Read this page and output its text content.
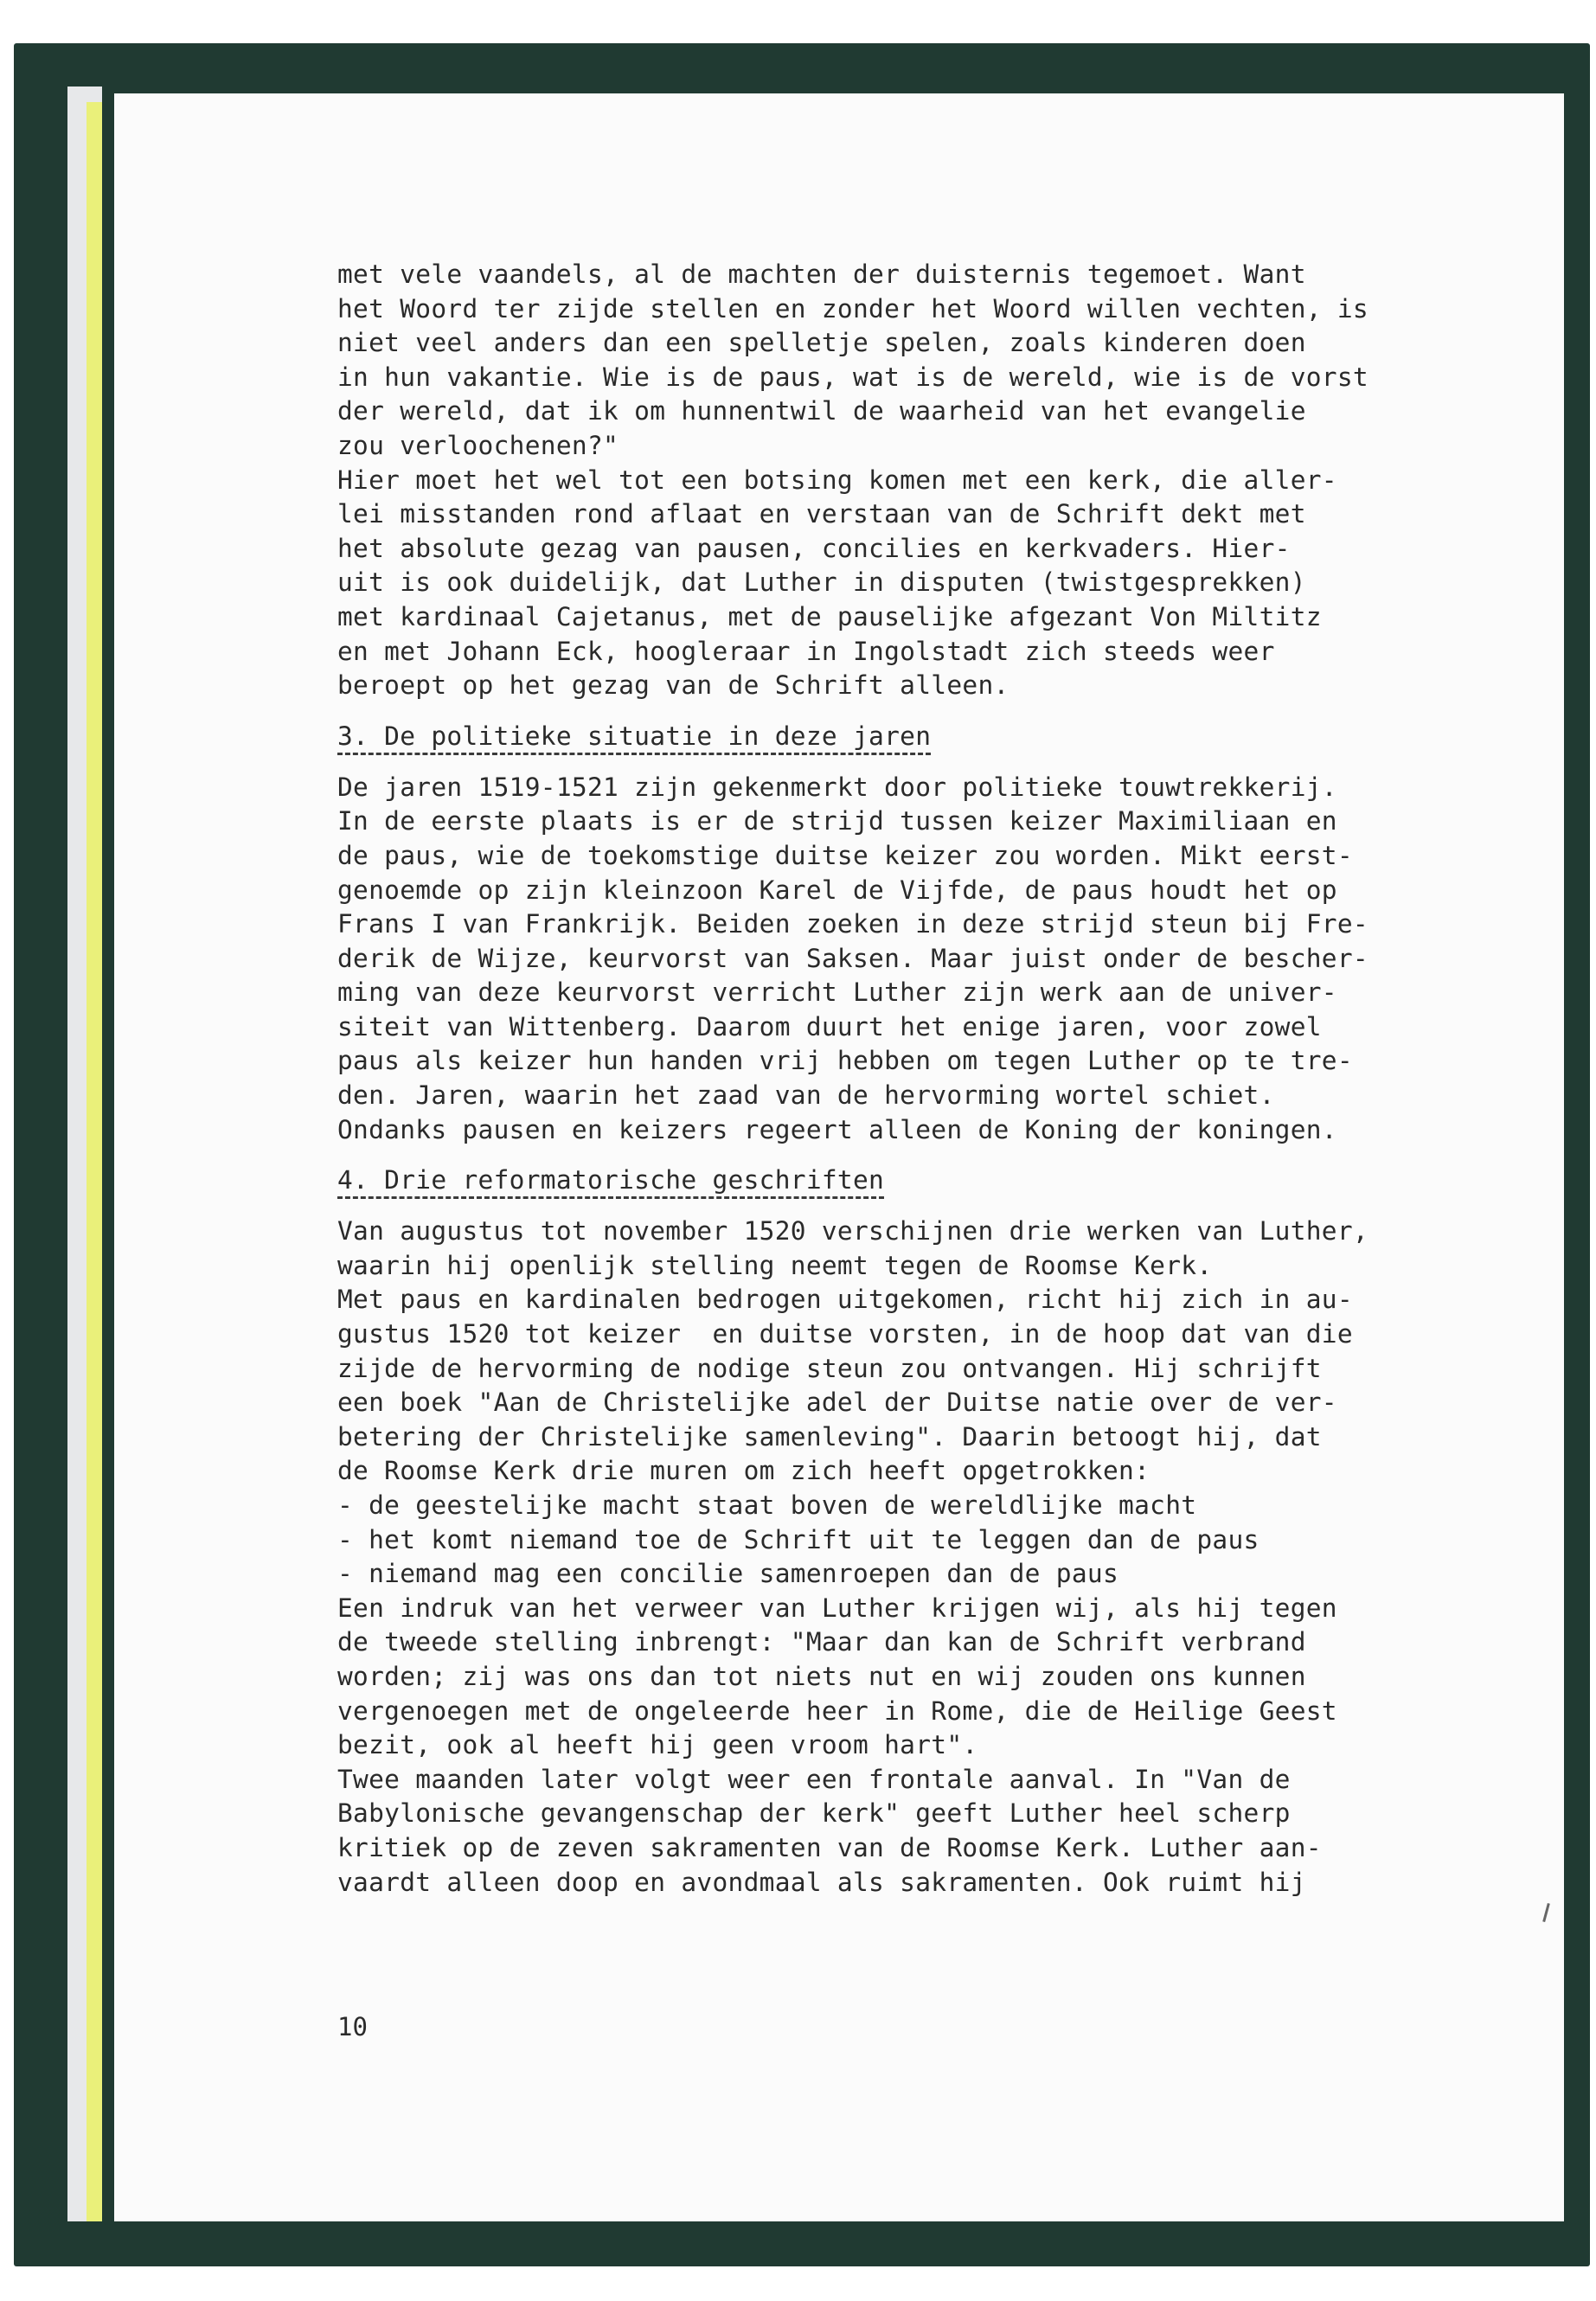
met vele vaandels, al de machten der duisternis tegemoet. Want
het Woord ter zijde stellen en zonder het Woord willen vechten, is
niet veel anders dan een spelletje spelen, zoals kinderen doen
in hun vakantie. Wie is de paus, wat is de wereld, wie is de vorst
der wereld, dat ik om hunnentwil de waarheid van het evangelie
zou verloochenen?"
Hier moet het wel tot een botsing komen met een kerk, die aller-
lei misstanden rond aflaat en verstaan van de Schrift dekt met
het absolute gezag van pausen, concilies en kerkvaders. Hier-
uit is ook duidelijk, dat Luther in disputen (twistgesprekken)
met kardinaal Cajetanus, met de pauselijke afgezant Von Miltitz
en met Johann Eck, hoogleraar in Ingolstadt zich steeds weer
beroept op het gezag van de Schrift alleen.
3. De politieke situatie in deze jaren
De jaren 1519-1521 zijn gekenmerkt door politieke touwtrekkerij.
In de eerste plaats is er de strijd tussen keizer Maximiliaan en
de paus, wie de toekomstige duitse keizer zou worden. Mikt eerst-
genoemde op zijn kleinzoon Karel de Vijfde, de paus houdt het op
Frans I van Frankrijk. Beiden zoeken in deze strijd steun bij Fre-
derik de Wijze, keurvorst van Saksen. Maar juist onder de bescher-
ming van deze keurvorst verricht Luther zijn werk aan de univer-
siteit van Wittenberg. Daarom duurt het enige jaren, voor zowel
paus als keizer hun handen vrij hebben om tegen Luther op te tre-
den. Jaren, waarin het zaad van de hervorming wortel schiet.
Ondanks pausen en keizers regeert alleen de Koning der koningen.
4. Drie reformatorische geschriften
Van augustus tot november 1520 verschijnen drie werken van Luther,
waarin hij openlijk stelling neemt tegen de Roomse Kerk.
Met paus en kardinalen bedrogen uitgekomen, richt hij zich in au-
gustus 1520 tot keizer  en duitse vorsten, in de hoop dat van die
zijde de hervorming de nodige steun zou ontvangen. Hij schrijft
een boek "Aan de Christelijke adel der Duitse natie over de ver-
betering der Christelijke samenleving". Daarin betoogt hij, dat
de Roomse Kerk drie muren om zich heeft opgetrokken:
- de geestelijke macht staat boven de wereldlijke macht
- het komt niemand toe de Schrift uit te leggen dan de paus
- niemand mag een concilie samenroepen dan de paus
Een indruk van het verweer van Luther krijgen wij, als hij tegen
de tweede stelling inbrengt: "Maar dan kan de Schrift verbrand
worden; zij was ons dan tot niets nut en wij zouden ons kunnen
vergenoegen met de ongeleerde heer in Rome, die de Heilige Geest
bezit, ook al heeft hij geen vroom hart".
Twee maanden later volgt weer een frontale aanval. In "Van de
Babylonische gevangenschap der kerk" geeft Luther heel scherp
kritiek op de zeven sakramenten van de Roomse Kerk. Luther aan-
vaardt alleen doop en avondmaal als sakramenten. Ook ruimt hij
10
